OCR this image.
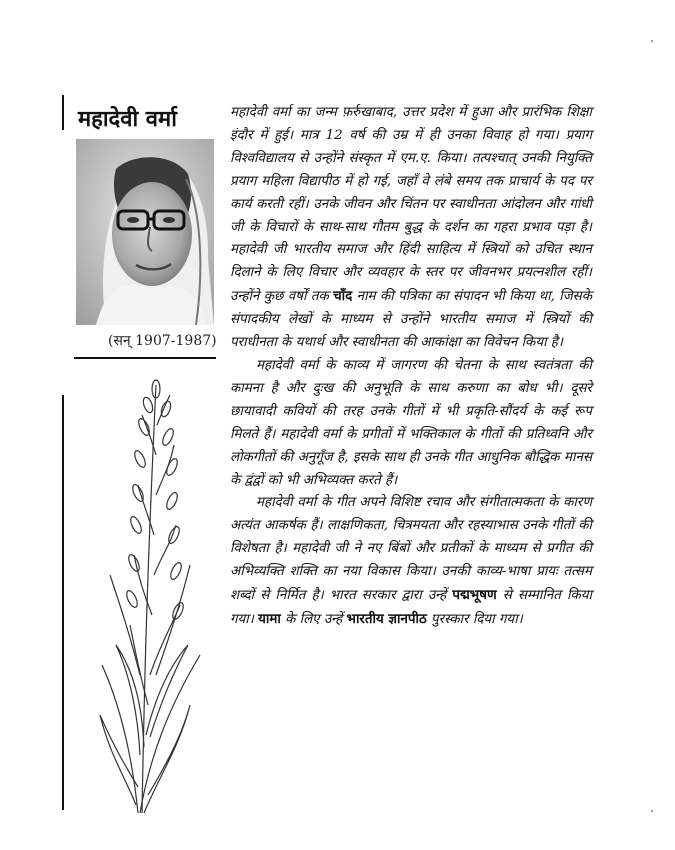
महादेवी वर्मा
(सन् 1907-1987)

महादेवी वर्मा का जन्म फ़र्रुखाबाद, उत्तर प्रदेश में हुआ और प्रारंभिक शिक्षा इंदौर में हुई। मात्र 12 वर्ष की उम्र में ही उनका विवाह हो गया। प्रयाग विश्वविद्यालय से उन्होंने संस्कृत में एम.ए. किया। तत्पश्चात् उनकी नियुक्ति प्रयाग महिला विद्यापीठ में हो गई, जहाँ वे लंबे समय तक प्राचार्य के पद पर कार्य करती रहीं। उनके जीवन और चिंतन पर स्वाधीनता आंदोलन और गांधी जी के विचारों के साथ-साथ गौतम बुद्ध के दर्शन का गहरा प्रभाव पड़ा है। महादेवी जी भारतीय समाज और हिंदी साहित्य में स्त्रियों को उचित स्थान दिलाने के लिए विचार और व्यवहार के स्तर पर जीवनभर प्रयत्नशील रहीं। उन्होंने कुछ वर्षों तक चाँद नाम की पत्रिका का संपादन भी किया था, जिसके संपादकीय लेखों के माध्यम से उन्होंने भारतीय समाज में स्त्रियों की पराधीनता के यथार्थ और स्वाधीनता की आकांक्षा का विवेचन किया है।

महादेवी वर्मा के काव्य में जागरण की चेतना के साथ स्वतंत्रता की कामना है और दुःख की अनुभूति के साथ करुणा का बोध भी। दूसरे छायावादी कवियों की तरह उनके गीतों में भी प्रकृति-सौंदर्य के कई रूप मिलते हैं। महादेवी वर्मा के प्रगीतों में भक्तिकाल के गीतों की प्रतिध्वनि और लोकगीतों की अनुगूँज है, इसके साथ ही उनके गीत आधुनिक बौद्धिक मानस के द्वंद्वों को भी अभिव्यक्त करते हैं।

महादेवी वर्मा के गीत अपने विशिष्ट रचाव और संगीतात्मकता के कारण अत्यंत आकर्षक हैं। लाक्षणिकता, चित्रमयता और रहस्याभास उनके गीतों की विशेषता है। महादेवी जी ने नए बिंबों और प्रतीकों के माध्यम से प्रगीत की अभिव्यक्ति शक्ति का नया विकास किया। उनकी काव्य-भाषा प्रायः तत्सम शब्दों से निर्मित है। भारत सरकार द्वारा उन्हें पद्मभूषण से सम्मानित किया गया। यामा के लिए उन्हें भारतीय ज्ञानपीठ पुरस्कार दिया गया।
